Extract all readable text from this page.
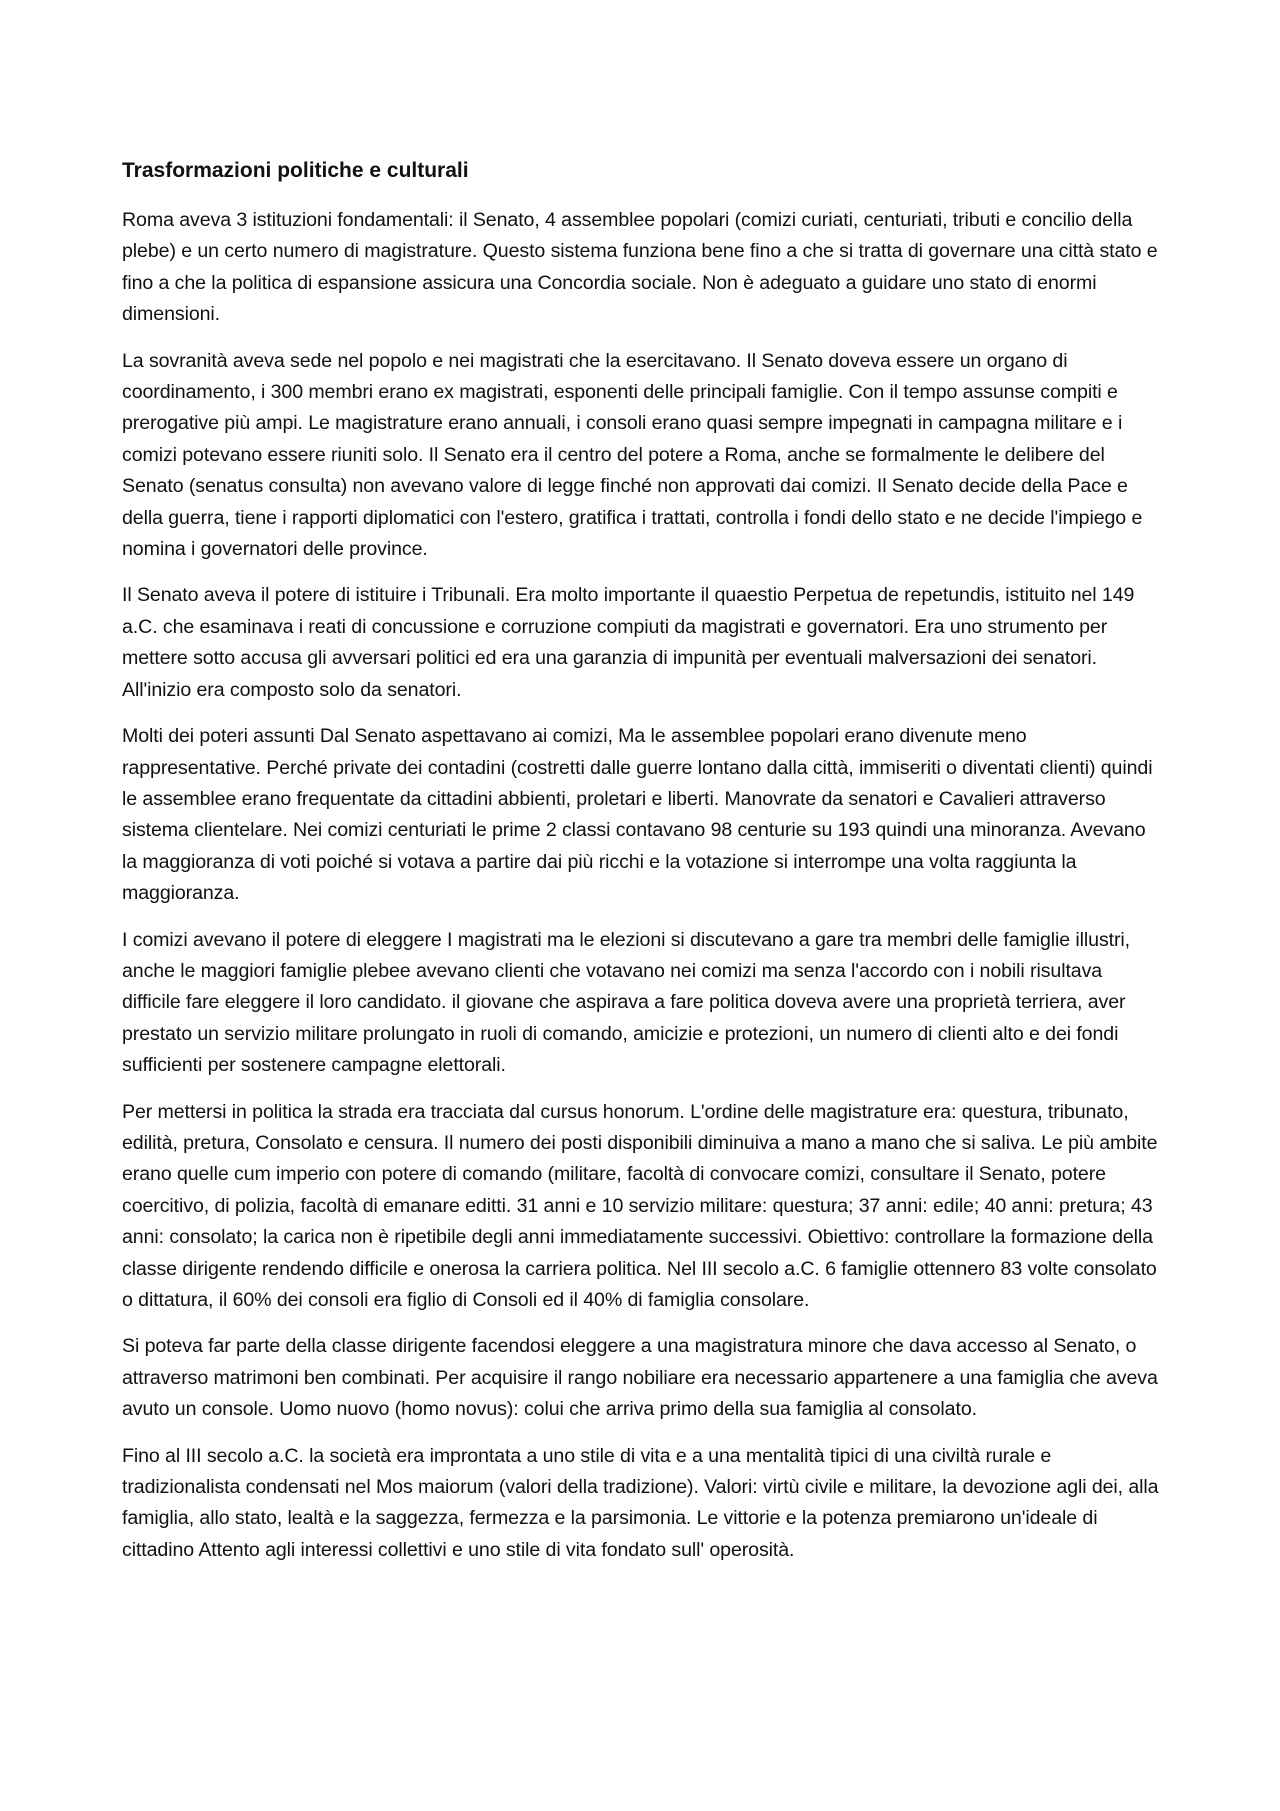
Trasformazioni politiche e culturali

Roma aveva 3 istituzioni fondamentali: il Senato, 4 assemblee popolari (comizi curiati, centuriati, tributi e concilio della plebe) e un certo numero di magistrature. Questo sistema funziona bene fino a che si tratta di governare una città stato e fino a che la politica di espansione assicura una Concordia sociale. Non è adeguato a guidare uno stato di enormi dimensioni.

La sovranità aveva sede nel popolo e nei magistrati che la esercitavano. Il Senato doveva essere un organo di coordinamento, i 300 membri erano ex magistrati, esponenti delle principali famiglie. Con il tempo assunse compiti e prerogative più ampi. Le magistrature erano annuali, i consoli erano quasi sempre impegnati in campagna militare e i comizi potevano essere riuniti solo. Il Senato era il centro del potere a Roma, anche se formalmente le delibere del Senato (senatus consulta) non avevano valore di legge finché non approvati dai comizi. Il Senato decide della Pace e della guerra, tiene i rapporti diplomatici con l'estero, gratifica i trattati, controlla i fondi dello stato e ne decide l'impiego e nomina i governatori delle province.

Il Senato aveva il potere di istituire i Tribunali. Era molto importante il quaestio Perpetua de repetundis, istituito nel 149 a.C. che esaminava i reati di concussione e corruzione compiuti da magistrati e governatori. Era uno strumento per mettere sotto accusa gli avversari politici ed era una garanzia di impunità per eventuali malversazioni dei senatori. All'inizio era composto solo da senatori.

Molti dei poteri assunti Dal Senato aspettavano ai comizi, Ma le assemblee popolari erano divenute meno rappresentative. Perché private dei contadini (costretti dalle guerre lontano dalla città, immiseriti o diventati clienti) quindi le assemblee erano frequentate da cittadini abbienti, proletari e liberti. Manovrate da senatori e Cavalieri attraverso sistema clientelare. Nei comizi centuriati le prime 2 classi contavano 98 centurie su 193 quindi una minoranza. Avevano la maggioranza di voti poiché si votava a partire dai più ricchi e la votazione si interrompe una volta raggiunta la maggioranza.

I comizi avevano il potere di eleggere I magistrati ma le elezioni si discutevano a gare tra membri delle famiglie illustri, anche le maggiori famiglie plebee avevano clienti che votavano nei comizi ma senza l'accordo con i nobili risultava difficile fare eleggere il loro candidato. il giovane che aspirava a fare politica doveva avere una proprietà terriera, aver prestato un servizio militare prolungato in ruoli di comando, amicizie e protezioni, un numero di clienti alto e dei fondi sufficienti per sostenere campagne elettorali.

Per mettersi in politica la strada era tracciata dal cursus honorum. L'ordine delle magistrature era: questura, tribunato, edilità, pretura, Consolato e censura. Il numero dei posti disponibili diminuiva a mano a mano che si saliva. Le più ambite erano quelle cum imperio con potere di comando (militare, facoltà di convocare comizi, consultare il Senato, potere coercitivo, di polizia, facoltà di emanare editti. 31 anni e 10 servizio militare: questura; 37 anni: edile; 40 anni: pretura; 43 anni: consolato; la carica non è ripetibile degli anni immediatamente successivi. Obiettivo: controllare la formazione della classe dirigente rendendo difficile e onerosa la carriera politica. Nel III secolo a.C. 6 famiglie ottennero 83 volte consolato o dittatura, il 60% dei consoli era figlio di Consoli ed il 40% di famiglia consolare.

Si poteva far parte della classe dirigente facendosi eleggere a una magistratura minore che dava accesso al Senato, o attraverso matrimoni ben combinati. Per acquisire il rango nobiliare era necessario appartenere a una famiglia che aveva avuto un console. Uomo nuovo (homo novus): colui che arriva primo della sua famiglia al consolato.

Fino al III secolo a.C. la società era improntata a uno stile di vita e a una mentalità tipici di una civiltà rurale e tradizionalista condensati nel Mos maiorum (valori della tradizione). Valori: virtù civile e militare, la devozione agli dei, alla famiglia, allo stato, lealtà e la saggezza, fermezza e la parsimonia. Le vittorie e la potenza premiarono un'ideale di cittadino Attento agli interessi collettivi e uno stile di vita fondato sull' operosità.
